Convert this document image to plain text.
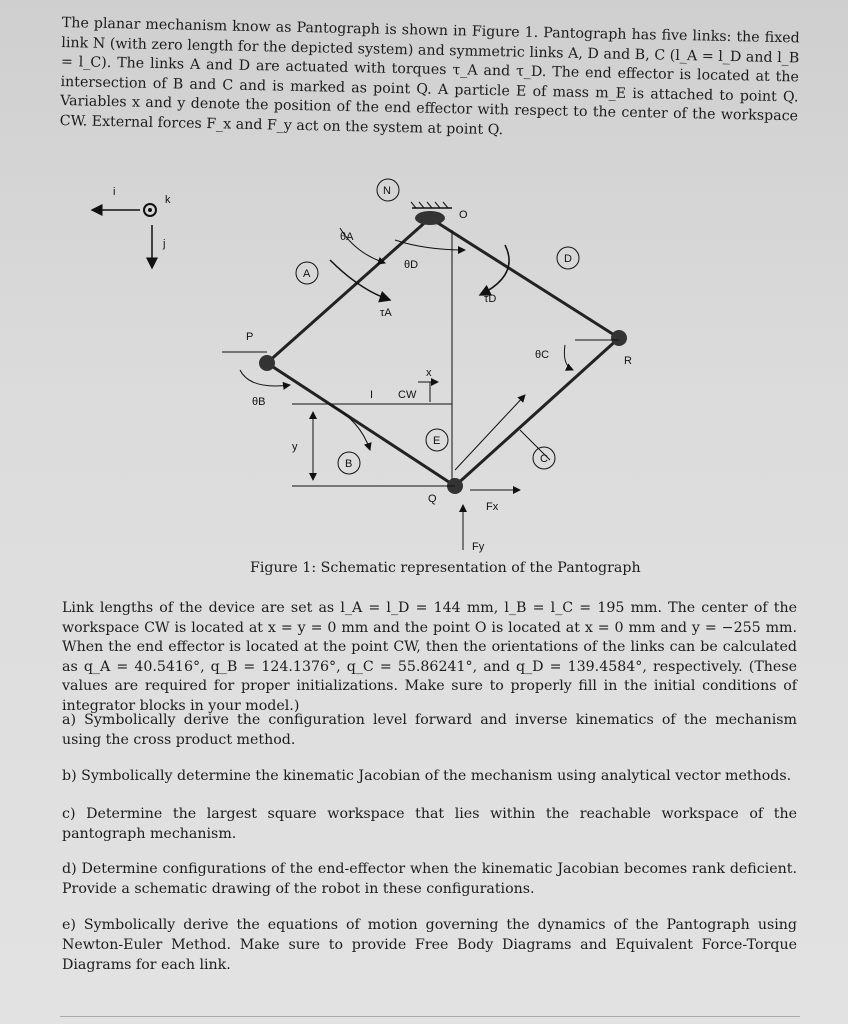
The planar mechanism know as Pantograph is shown in Figure 1. Pantograph has five links: the fixed link N (with zero length for the depicted system) and symmetric links A, D and B, C (l_A = l_D and l_B = l_C). The links A and D are actuated with torques τ_A and τ_D. The end effector is located at the intersection of B and C and is marked as point Q. A particle E of mass m_E is attached to point Q. Variables x and y denote the position of the end effector with respect to the center of the workspace CW. External forces F_x and F_y act on the system at point Q.
i
k
j
N
A
D
B	C
E
O
θA
θD
τA
τD
P
θB
θC	R
I CW
x
y
Q
Fx
Fy
Figure 1: Schematic representation of the Pantograph
Link lengths of the device are set as l_A = l_D = 144 mm, l_B = l_C = 195 mm. The center of the workspace CW is located at x = y = 0 mm and the point O is located at x = 0 mm and y = −255 mm. When the end effector is located at the point CW, then the orientations of the links can be calculated as q_A = 40.5416°, q_B = 124.1376°, q_C = 55.86241°, and q_D = 139.4584°, respectively. (These values are required for proper initializations. Make sure to properly fill in the initial conditions of integrator blocks in your model.)
a) Symbolically derive the configuration level forward and inverse kinematics of the mechanism using the cross product method.
b) Symbolically determine the kinematic Jacobian of the mechanism using analytical vector methods.
c) Determine the largest square workspace that lies within the reachable workspace of the pantograph mechanism.
d) Determine configurations of the end-effector when the kinematic Jacobian becomes rank deficient. Provide a schematic drawing of the robot in these configurations.
e) Symbolically derive the equations of motion governing the dynamics of the Pantograph using Newton-Euler Method. Make sure to provide Free Body Diagrams and Equivalent Force-Torque Diagrams for each link.
